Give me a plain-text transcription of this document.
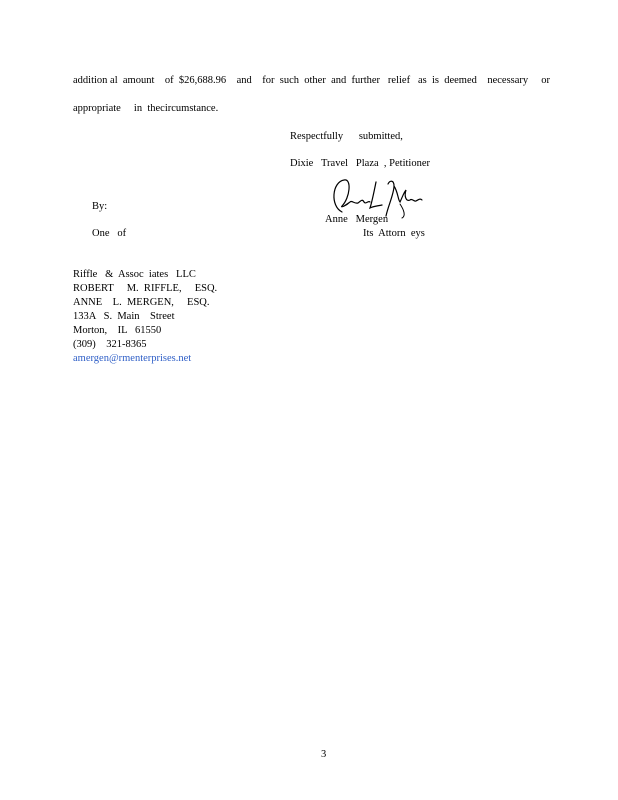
addition al  amount    of  $26,688.96    and    for  such  other  and  further   relief   as  is  deemed    necessary     or
appropriate     in  thecircumstance.
Respectfully      submitted,
Dixie   Travel   Plaza  , Petitioner
By:
Anne   Mergen
One   of	Its  Attorn  eys
Riffle   &  Assoc  iates   LLC
ROBERT     M.  RIFFLE,     ESQ.
ANNE    L.  MERGEN,     ESQ.
133A   S.  Main    Street
Morton,    IL   61550
(309)    321-8365
amergen@rmenterprises.net
3
